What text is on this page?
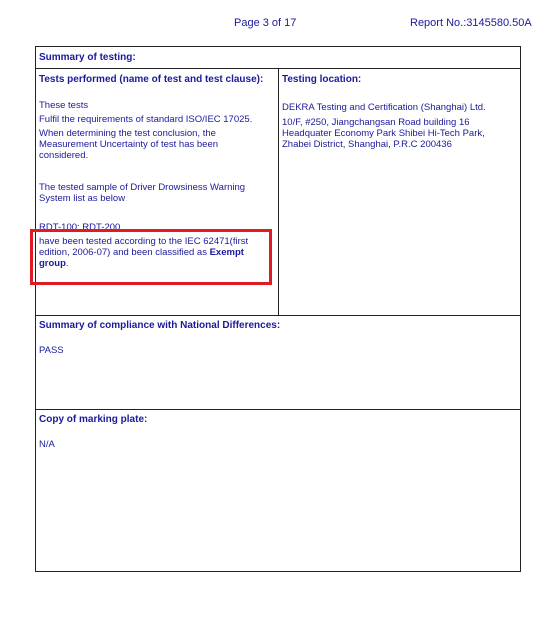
Page 3 of 17	Report No.:3145580.50A
Summary of testing:
Tests performed (name of test and test clause):
These tests
Fulfil the requirements of standard ISO/IEC 17025.
When determining the test conclusion, the Measurement Uncertainty of test has been considered.
The tested sample of Driver Drowsiness Warning System list as below
RDT-100; RDT-200
have been tested according to the IEC 62471(first edition, 2006-07) and been classified as Exempt group.
Testing location:
DEKRA Testing and Certification (Shanghai) Ltd.
10/F, #250, Jiangchangsan Road building 16 Headquater Economy Park Shibei Hi-Tech Park, Zhabei District, Shanghai, P.R.C 200436
Summary of compliance with National Differences:
PASS
Copy of marking plate:
N/A
